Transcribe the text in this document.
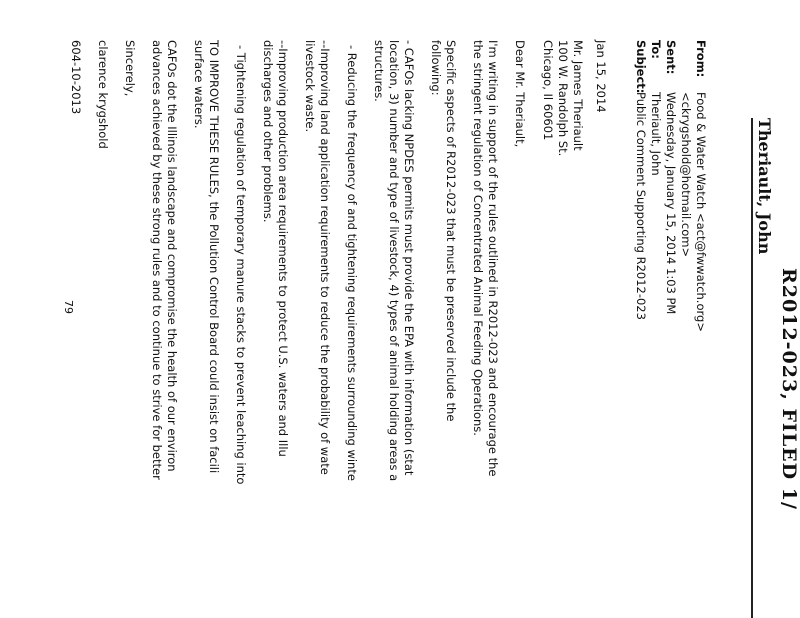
R2012-023, FILED 1/
Theriault, John
From:
Food & Water Watch <act@fwwatch.org>
<ckrygshold@hotmail.com>
Sent:
Wednesday, January 15, 2014 1:03 PM
To:
Theriault, John
Subject:
Public Comment Supporting R2012-023
Jan 15, 2014
Mr. James Theriault
100 W. Randolph St.
Chicago, Il 60601
Dear Mr. Theriault,
I'm writing in support of the rules outlined in R2012-023 and encourage the
the stringent regulation of Concentrated Animal Feeding Operations.
Specific aspects of R2012-023 that must be preserved include the
following:
- CAFOs lacking NPDES permits must provide the EPA with information (stat
location, 3) number and type of livestock, 4) types of animal holding areas a
structures.
- Reducing the frequency of and tightening requirements surrounding winte
--Improving land application requirements to reduce the probability of wate
livestock waste.
--Improving production area requirements to protect U.S. waters and Illu
discharges and other problems.
- Tightening regulation of temporary manure stacks to prevent leaching into
TO IMPROVE THESE RULES, the Pollution Control Board could insist on facili
surface waters.
CAFOs dot the Illinois landscape and compromise the health of our environ
advances achieved by these strong rules and to continue to strive for better
Sincerely,
clarence krygshold
604-10-2013
79
